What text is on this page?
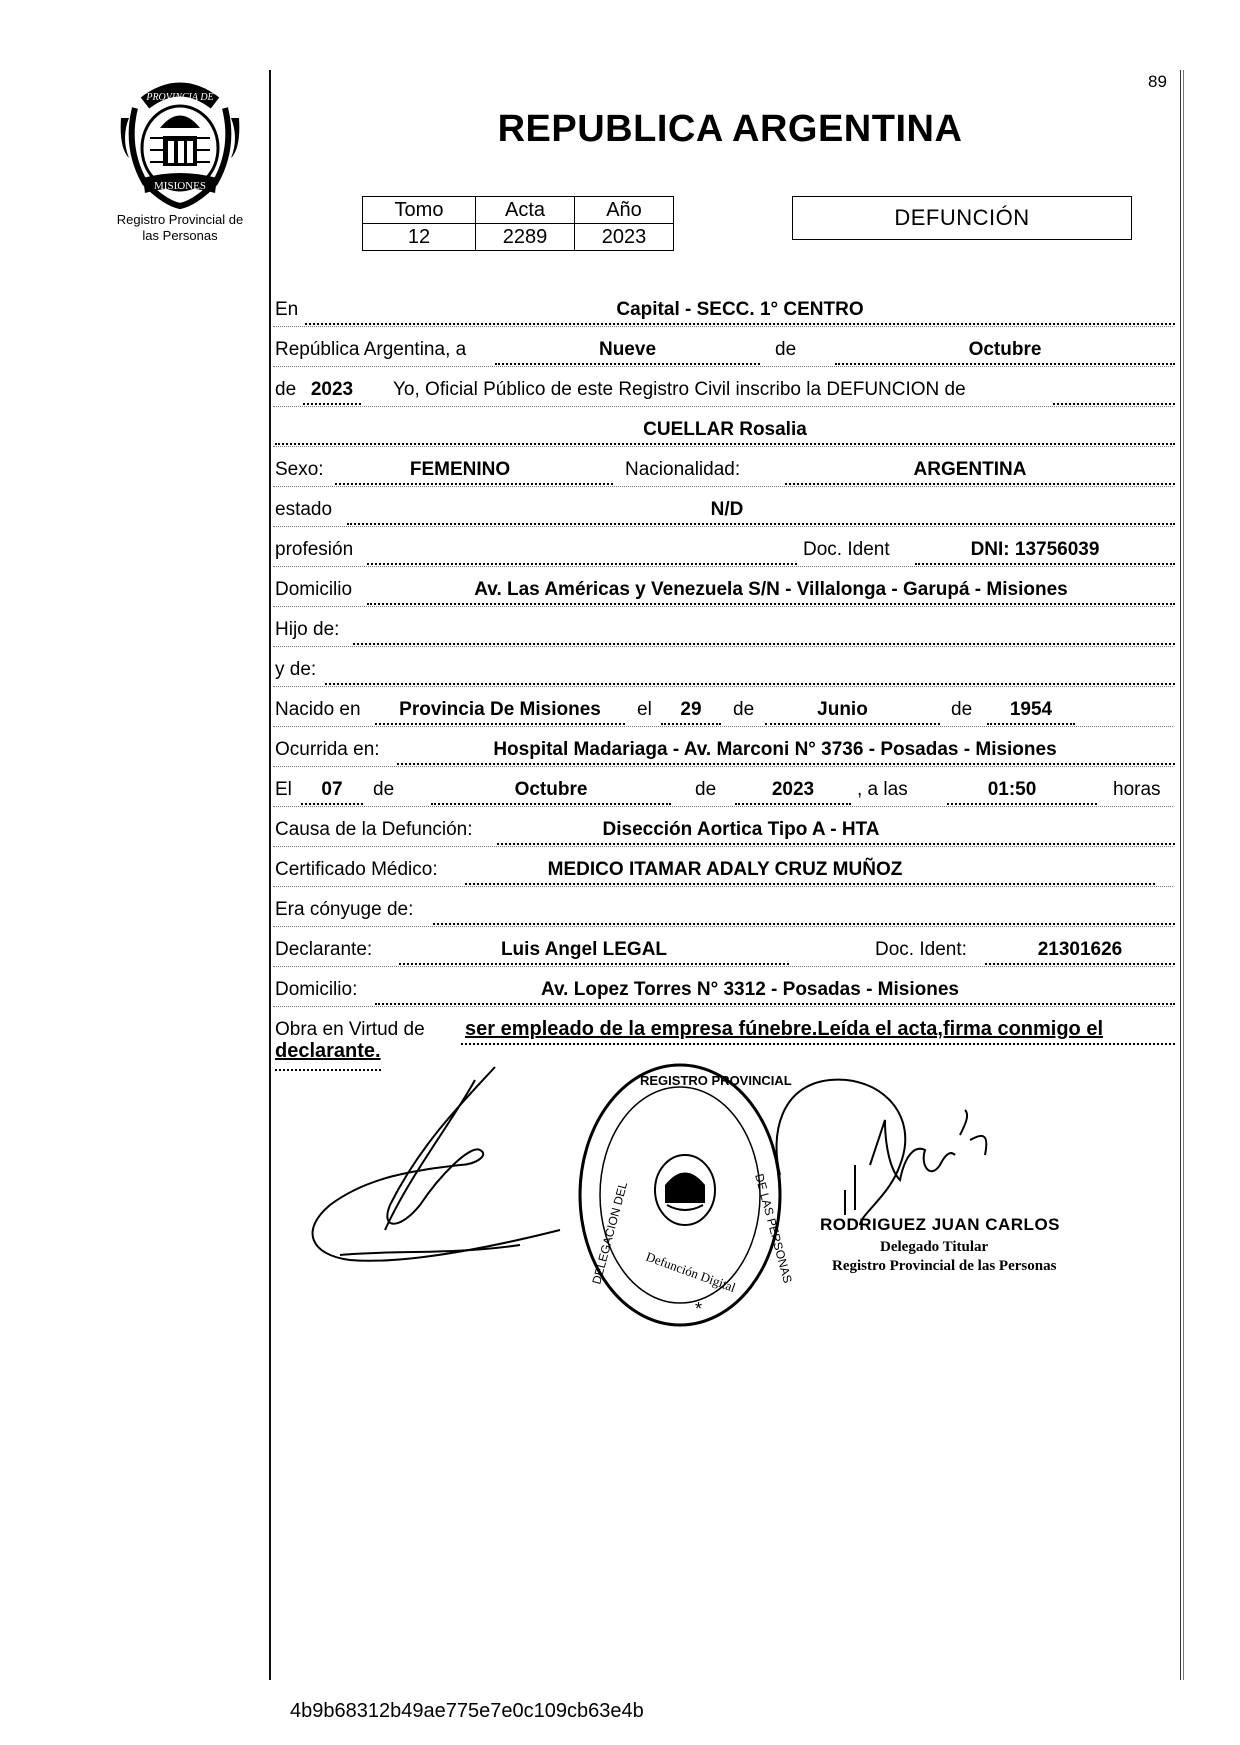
89
PROVINCIA DE
MISIONES
Registro Provincial de
las Personas
REPUBLICA ARGENTINA
Tomo	Acta	Año
12	2289	2023
DEFUNCIÓN
En	Capital - SECC. 1° CENTRO
República Argentina, a	Nueve	de	Octubre
de 2023	Yo, Oficial Público de este Registro Civil inscribo la DEFUNCION de
CUELLAR Rosalia
Sexo:	FEMENINO	Nacionalidad:	ARGENTINA
estado	N/D
profesión	Doc. Ident	DNI: 13756039
Domicilio	Av. Las Américas y Venezuela S/N - Villalonga - Garupá - Misiones
Hijo de:
y de:
Nacido en	Provincia De Misiones	el	29	de	Junio	de	1954
Ocurrida en:	Hospital Madariaga - Av. Marconi N° 3736 - Posadas - Misiones
El	07	de	Octubre	de	2023	, a las	01:50	horas
Causa de la Defunción:	Disección Aortica Tipo A - HTA
Certificado Médico:	MEDICO ITAMAR ADALY CRUZ MUÑOZ
Era cónyuge de:
Declarante:	Luis Angel LEGAL	Doc. Ident:	21301626
Domicilio:	Av. Lopez Torres N° 3312 - Posadas - Misiones
Obra en Virtud de ser empleado de la empresa fúnebre.Leída el acta,firma conmigo el
declarante.
DELEGACION DEL
REGISTRO PROVINCIAL
DE LAS PERSONAS
Defunción Digital
*
RODRIGUEZ JUAN CARLOS
Delegado Titular
Registro Provincial de las Personas
4b9b68312b49ae775e7e0c109cb63e4b
